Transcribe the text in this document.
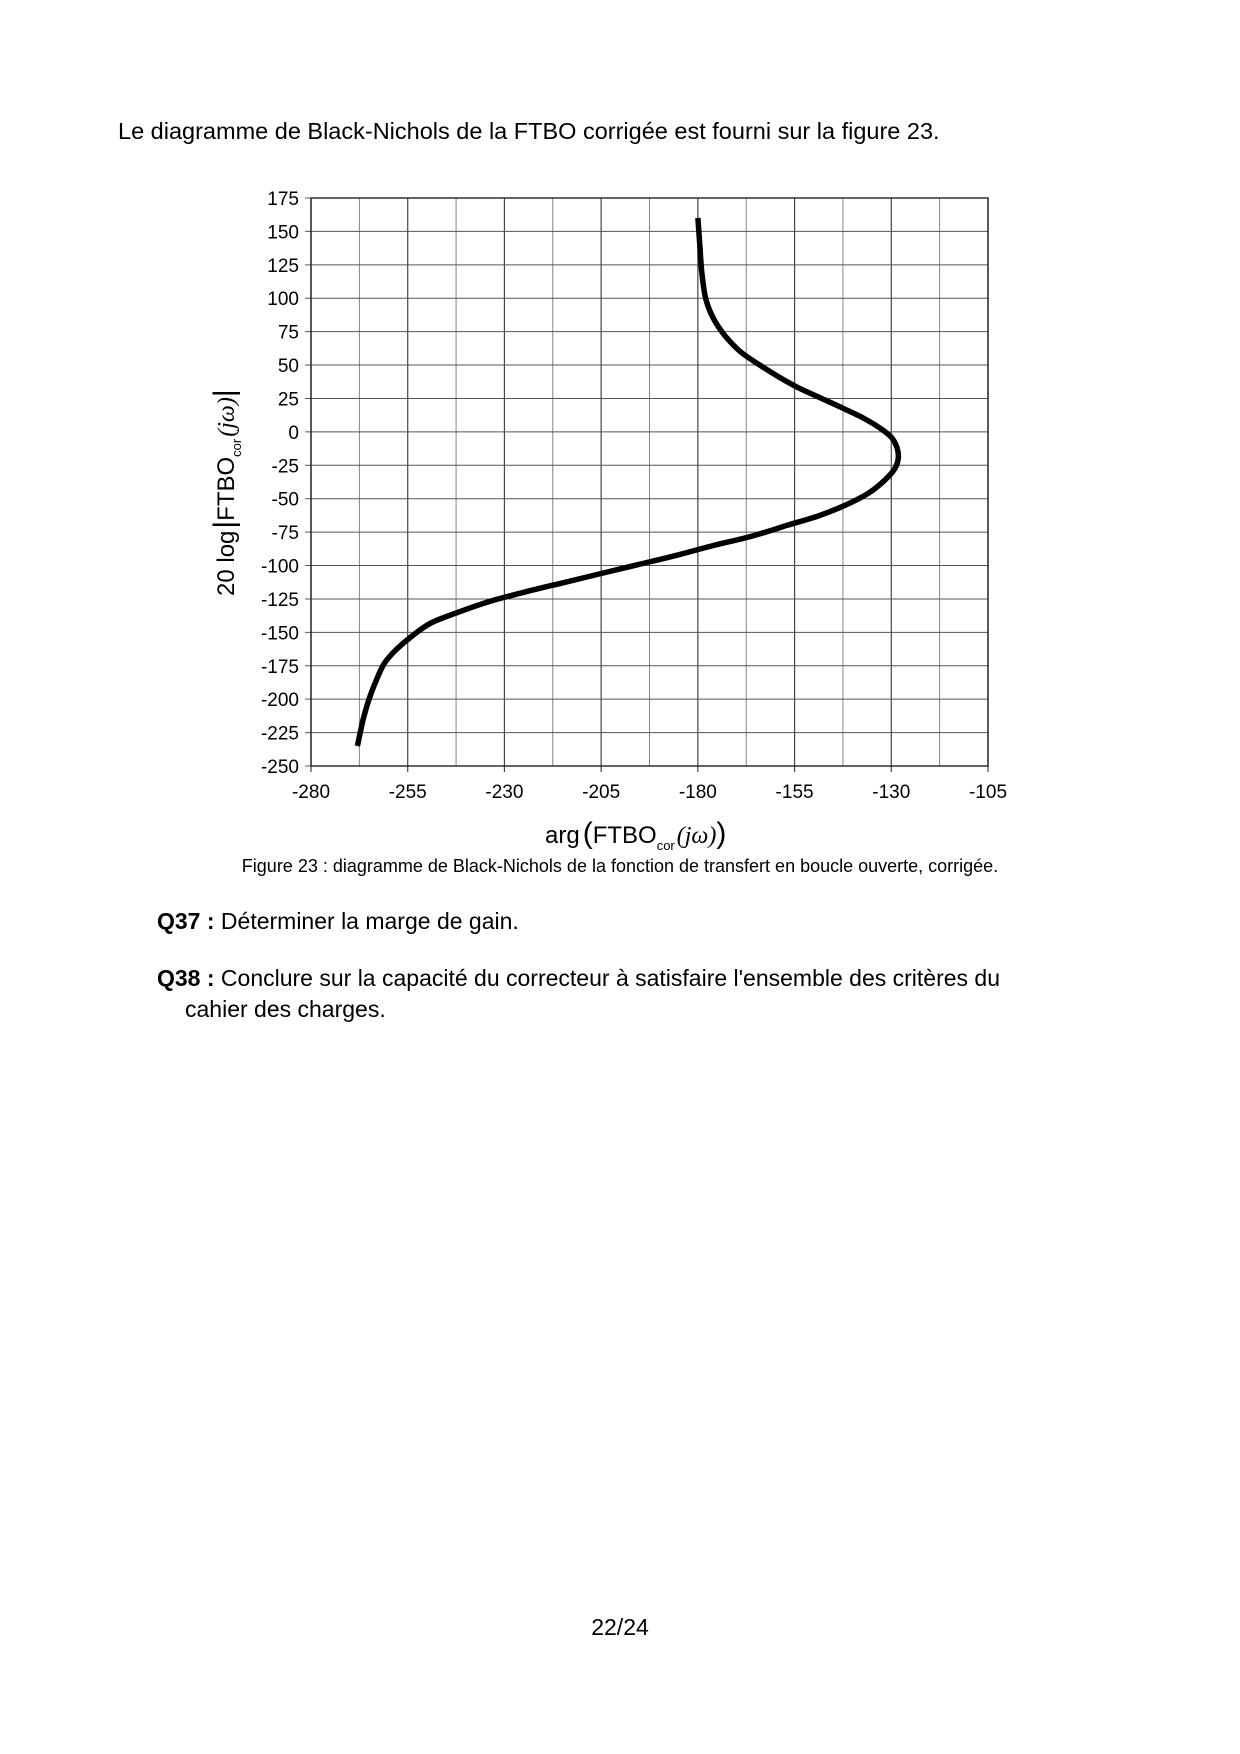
Le diagramme de Black-Nichols de la FTBO corrigée est fourni sur la figure 23.

-280	-255	-230	-205	-180	-155	-130	-105
175
150
125
100
75
50
25
0
-25
-50
-75
-100
-125
-150
-175
-200
-225
-250
arg $(FTBO_{cor}(j\omega))$
20 $\log|FTBO_{cor}(j\omega)|$

Figure 23 : diagramme de Black-Nichols de la fonction de transfert en boucle ouverte, corrigée.

Q37 : Déterminer la marge de gain.

Q38 : Conclure sur la capacité du correcteur à satisfaire l'ensemble des critères du
cahier des charges.

22/24
